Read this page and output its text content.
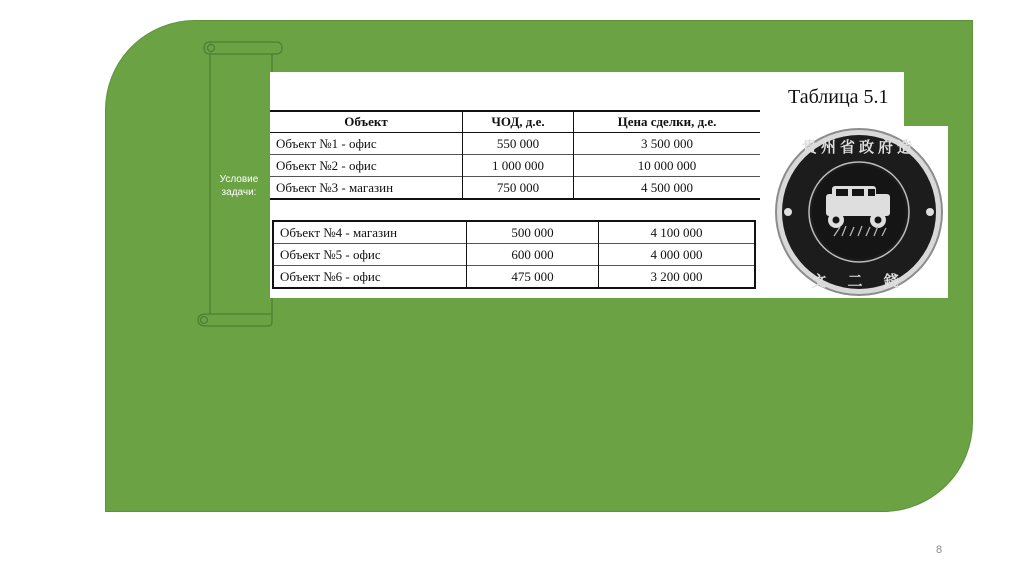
Условие
задачи:
Таблица 5.1
Объект	ЧОД, д.е.	Цена сделки, д.е.
Объект №1 - офис	550 000	3 500 000
Объект №2 - офис	1 000 000	10 000 000
Объект №3 - магазин	750 000	4 500 000
Объект №4 - магазин	500 000	4 100 000
Объект №5 - офис	600 000	4 000 000
Объект №6 - офис	475 000	3 200 000
貴州省政府造
文 二 錢
8
